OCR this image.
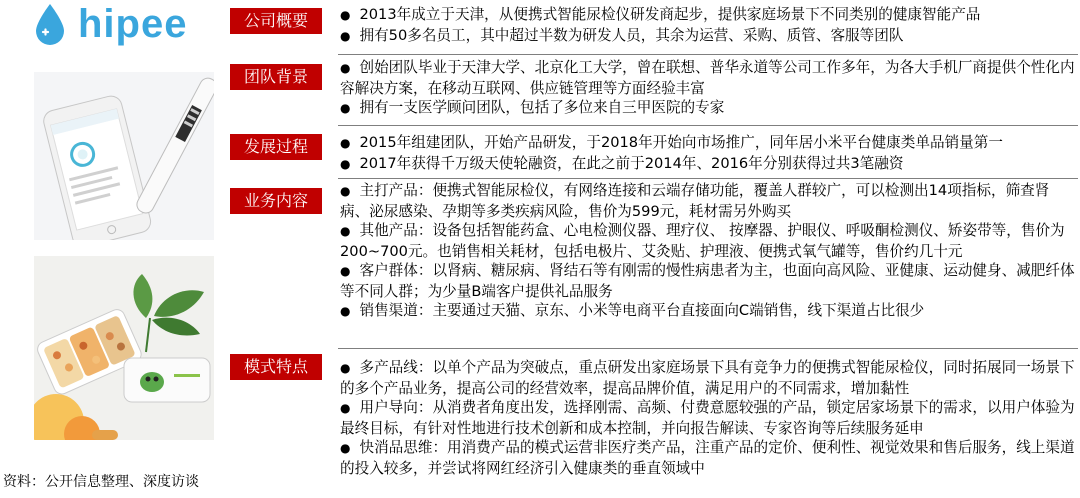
hipee	公司概要
团队背景
发展过程
业务内容
模式特点

● 2013年成立于天津，从便携式智能尿检仪研发商起步，提供家庭场景下不同类别的健康智能产品

● 拥有50多名员工，其中超过半数为研发人员，其余为运营、采购、质管、客服等团队

● 创始团队毕业于天津大学、北京化工大学，曾在联想、普华永道等公司工作多年，为各大手机厂商提供个性化内容解决方案，在移动互联网、供应链管理等方面经验丰富

● 拥有一支医学顾问团队，包括了多位来自三甲医院的专家

● 2015年组建团队，开始产品研发，于2018年开始向市场推广，同年居小米平台健康类单品销量第一

● 2017年获得千万级天使轮融资，在此之前于2014年、2016年分别获得过共3笔融资

● 主打产品：便携式智能尿检仪，有网络连接和云端存储功能，覆盖人群较广，可以检测出14项指标，筛查肾病、泌尿感染、孕期等多类疾病风险，售价为599元，耗材需另外购买

● 其他产品：设备包括智能药盒、心电检测仪器、理疗仪、 按摩器、护眼仪、呼吸酮检测仪、矫姿带等，售价为200~700元。也销售相关耗材，包括电极片、艾灸贴、护理液、便携式氧气罐等，售价约几十元

● 客户群体：以肾病、糖尿病、肾结石等有刚需的慢性病患者为主，也面向高风险、亚健康、运动健身、减肥纤体等不同人群；为少量B端客户提供礼品服务

● 销售渠道：主要通过天猫、京东、小米等电商平台直接面向C端销售，线下渠道占比很少

● 多产品线：以单个产品为突破点，重点研发出家庭场景下具有竞争力的便携式智能尿检仪，同时拓展同一场景下的多个产品业务，提高公司的经营效率，提高品牌价值，满足用户的不同需求，增加黏性

● 用户导向：从消费者角度出发，选择刚需、高频、付费意愿较强的产品，锁定居家场景下的需求，以用户体验为最终目标，有针对性地进行技术创新和成本控制，并向报告解读、专家咨询等后续服务延申

● 快消品思维：用消费产品的模式运营非医疗类产品，注重产品的定价、便利性、视觉效果和售后服务，线上渠道的投入较多，并尝试将网红经济引入健康类的垂直领域中

资料：公开信息整理、深度访谈
